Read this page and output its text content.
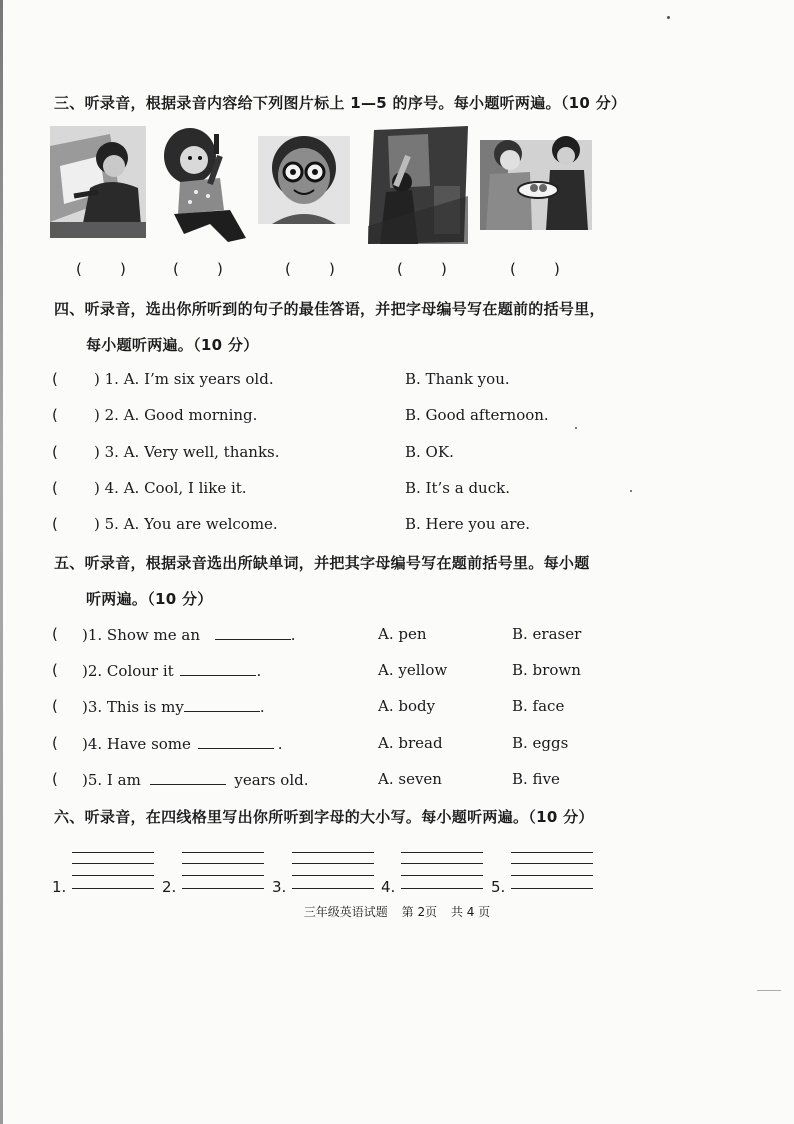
三、听录音，根据录音内容给下列图片标上 1—5 的序号。每小题听两遍。（10 分）
(	)	(	)	(	)	(	)	(	)
四、听录音，选出你所听到的句子的最佳答语，并把字母编号写在题前的括号里，
每小题听两遍。（10 分）
( ) 1. A. I’m six years old.	B. Thank you.
( ) 2. A. Good morning.	B. Good afternoon.
( ) 3. A. Very well, thanks.	B. OK.
( ) 4. A. Cool, I like it.	B. It’s a duck.
( ) 5. A. You are welcome.	B. Here you are.
五、听录音，根据录音选出所缺单词，并把其字母编号写在题前括号里。每小题
听两遍。（10 分）
( )1. Show me an	.	A. pen	B. eraser
( )2. Colour it	.	A. yellow	B. brown
( )3. This is my	.	A. body	B. face
( )4. Have some	.	A. bread	B. eggs
( )5. I am	years old.	A. seven	B. five
六、听录音，在四线格里写出你所听到字母的大小写。每小题听两遍。（10 分）
1.	2.	3.	4.	5.
三年级英语试题 第 2页 共 4 页
